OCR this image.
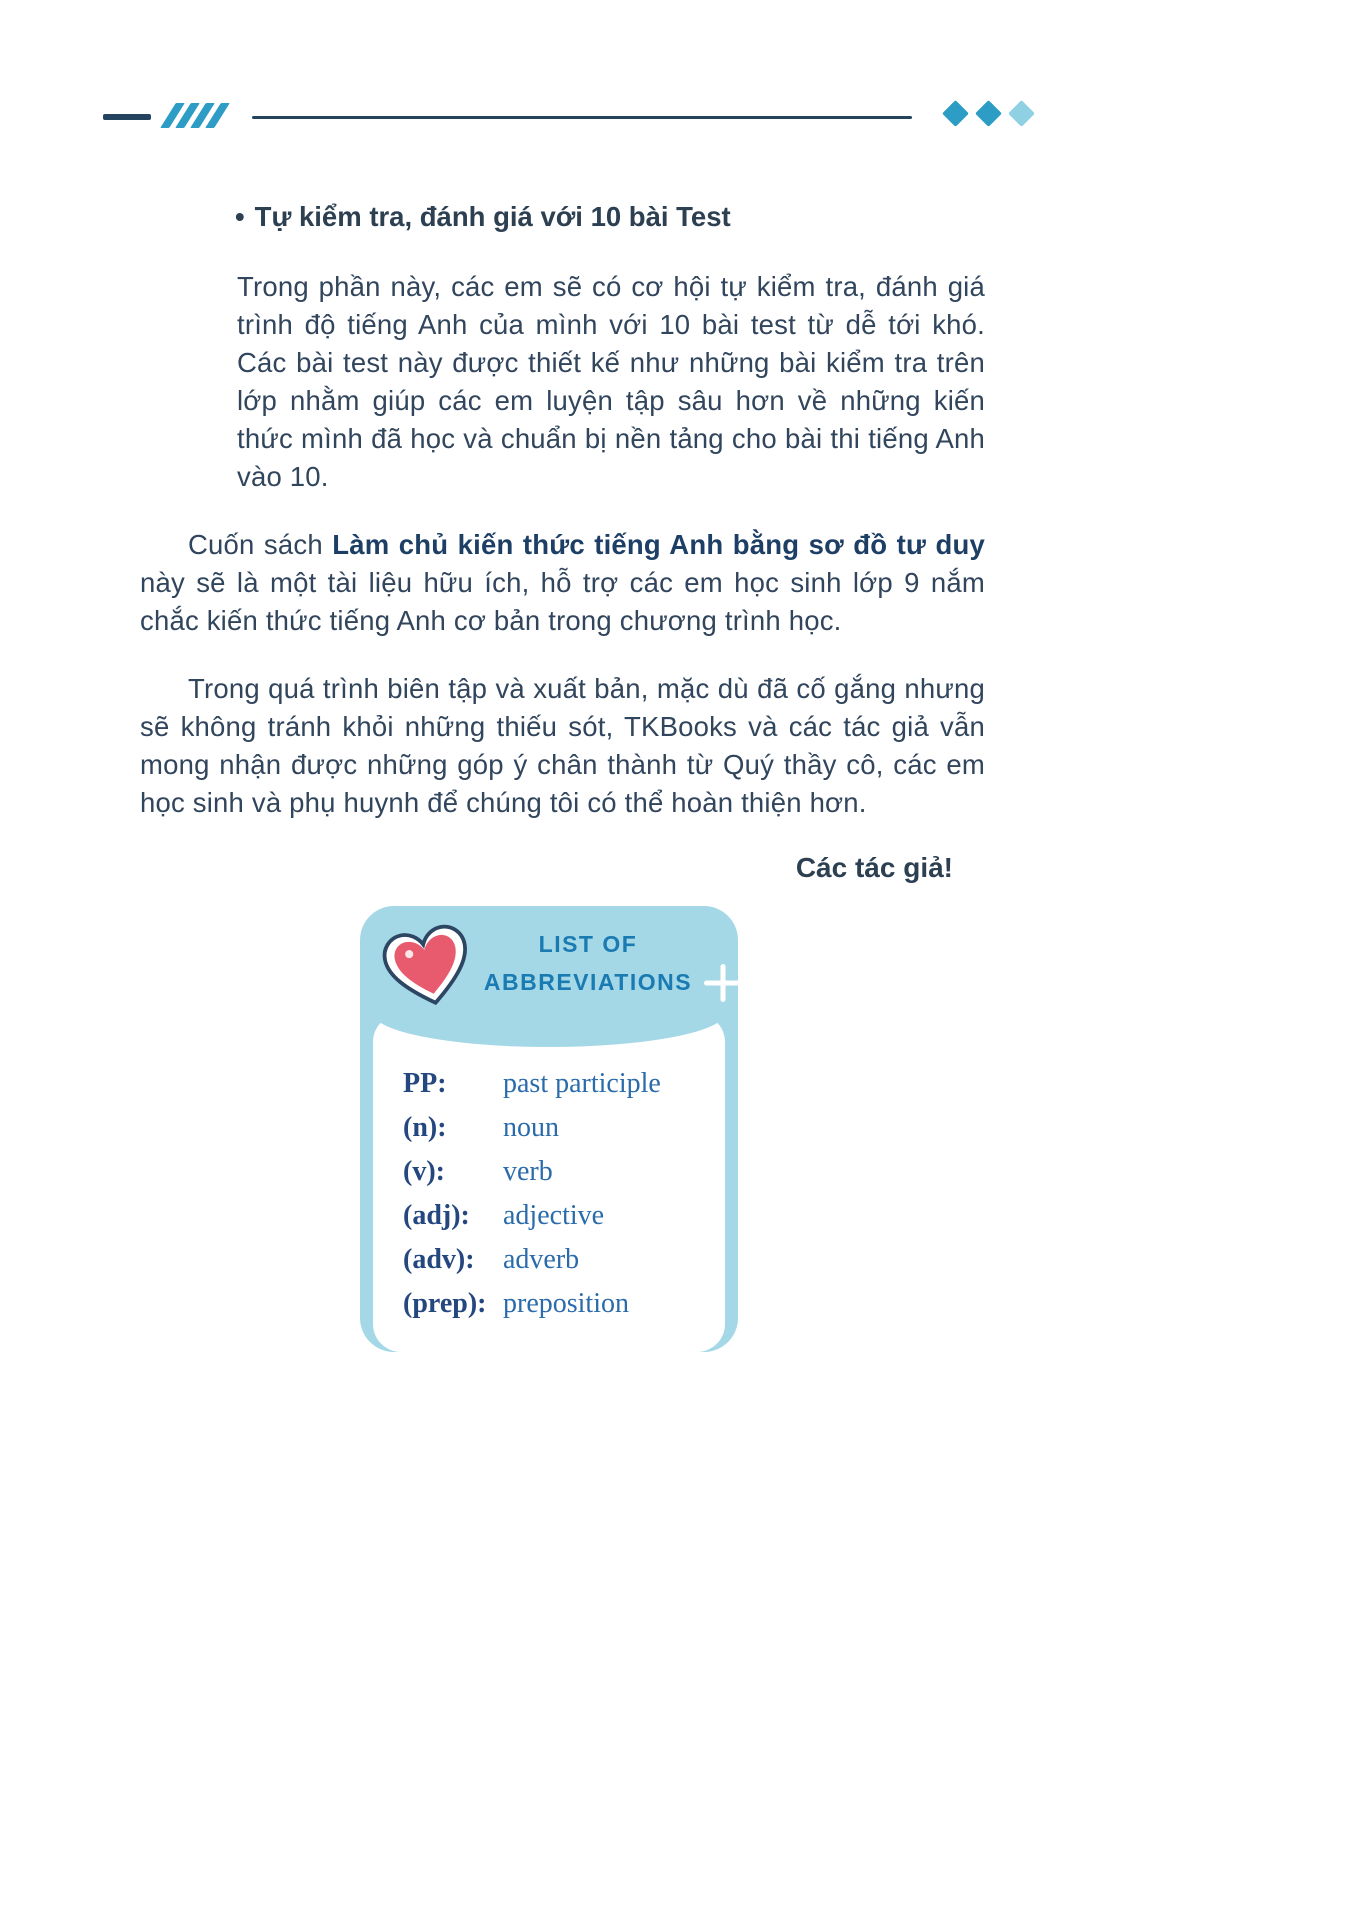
• Tự kiểm tra, đánh giá với 10 bài Test

Trong phần này, các em sẽ có cơ hội tự kiểm tra, đánh giá trình độ tiếng Anh của mình với 10 bài test từ dễ tới khó. Các bài test này được thiết kế như những bài kiểm tra trên lớp nhằm giúp các em luyện tập sâu hơn về những kiến thức mình đã học và chuẩn bị nền tảng cho bài thi tiếng Anh vào 10.

Cuốn sách Làm chủ kiến thức tiếng Anh bằng sơ đồ tư duy này sẽ là một tài liệu hữu ích, hỗ trợ các em học sinh lớp 9 nắm chắc kiến thức tiếng Anh cơ bản trong chương trình học.

Trong quá trình biên tập và xuất bản, mặc dù đã cố gắng nhưng sẽ không tránh khỏi những thiếu sót, TKBooks và các tác giả vẫn mong nhận được những góp ý chân thành từ Quý thầy cô, các em học sinh và phụ huynh để chúng tôi có thể hoàn thiện hơn.

Các tác giả!

LIST OF
ABBREVIATIONS
PP:	past participle
(n):	noun
(v):	verb
(adj):	adjective
(adv):	adverb
(prep): preposition
